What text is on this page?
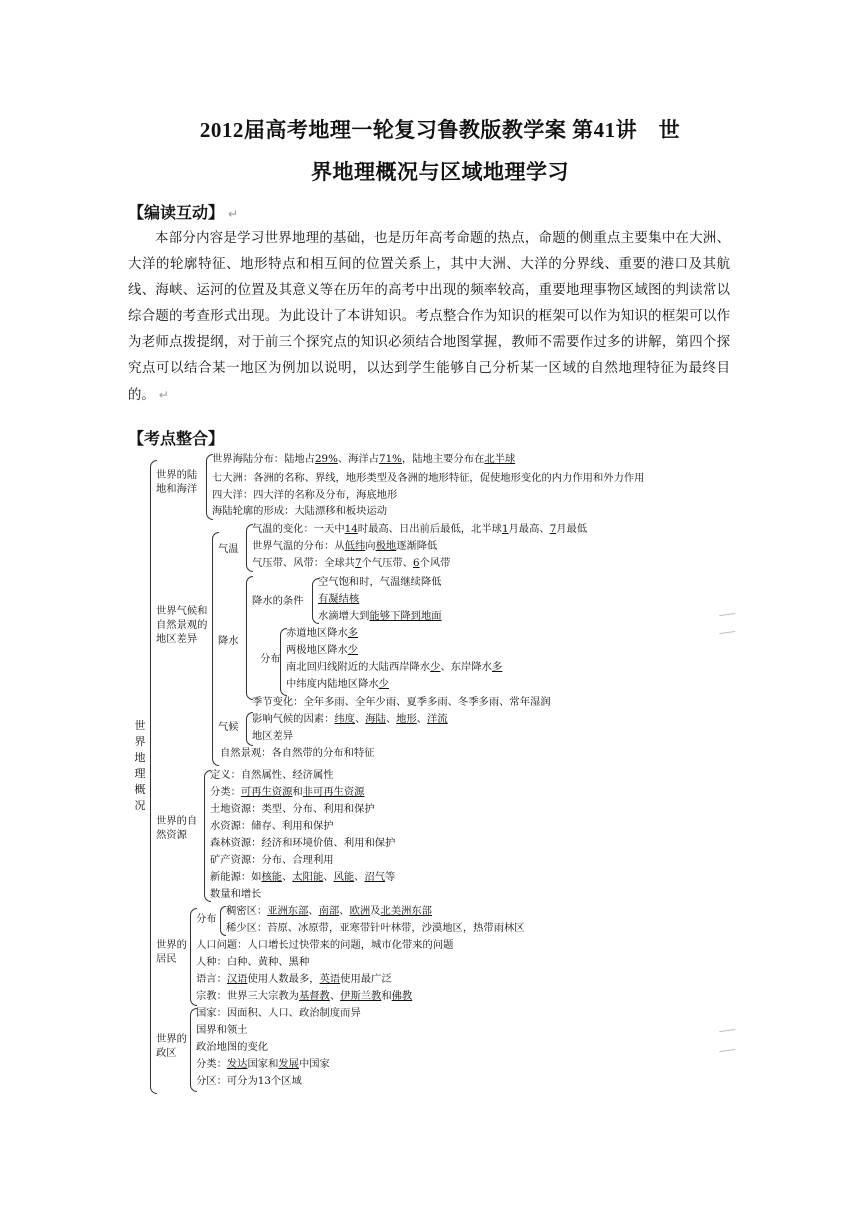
2012届高考地理一轮复习鲁教版教学案 第41讲　世
界地理概况与区域地理学习
【编读互动】 ↵
本部分内容是学习世界地理的基础，也是历年高考命题的热点，命题的侧重点主要集中在大洲、大洋的轮廓特征、地形特点和相互间的位置关系上，其中大洲、大洋的分界线、重要的港口及其航线、海峡、运河的位置及其意义等在历年的高考中出现的频率较高，重要地理事物区域图的判读常以综合题的考查形式出现。为此设计了本讲知识。考点整合作为知识的框架可以作为知识的框架可以作为老师点拨提纲，对于前三个探究点的知识必须结合地图掌握，教师不需要作过多的讲解，第四个探究点可以结合某一地区为例加以说明，以达到学生能够自己分析某一区域的自然地理特征为最终目的。 ↵
【考点整合】
世界地理概况
世界的陆
地和海洋
世界海陆分布：陆地占29%、海洋占71%，陆地主要分布在北半球
七大洲：各洲的名称、界线，地形类型及各洲的地形特征，促使地形变化的内力作用和外力作用
四大洋：四大洋的名称及分布，海底地形
海陆轮廓的形成：大陆漂移和板块运动
世界气候和
自然景观的
地区差异
气温
气温的变化：一天中14时最高、日出前后最低，北半球1月最高、7月最低
世界气温的分布：从低纬向极地逐渐降低
气压带、风带：全球共7个气压带、6个风带
降水
降水的条件
空气饱和时，气温继续降低
有凝结核
水滴增大到能够下降到地面
分布
赤道地区降水多
两极地区降水少
南北回归线附近的大陆西岸降水少、东岸降水多
中纬度内陆地区降水少
季节变化：全年多雨、全年少雨、夏季多雨、冬季多雨、常年湿润
气候
影响气候的因素：纬度、海陆、地形、洋流
地区差异
自然景观：各自然带的分布和特征
世界的自
然资源
定义：自然属性、经济属性
分类：可再生资源和非可再生资源
土地资源：类型、分布、利用和保护
水资源：储存、利用和保护
森林资源：经济和环境价值、利用和保护
矿产资源：分布、合理利用
新能源：如核能、太阳能、风能、沼气等
数量和增长
世界的
居民
分布
稠密区：亚洲东部、南部、欧洲及北美洲东部
稀少区：苔原、冰原带，亚寒带针叶林带，沙漠地区，热带雨林区
人口问题：人口增长过快带来的问题，城市化带来的问题
人种：白种、黄种、黑种
语言：汉语使用人数最多，英语使用最广泛
宗教：世界三大宗教为基督教、伊斯兰教和佛教
世界的
政区
国家：因面积、人口、政治制度而异
国界和领土
政治地图的变化
分类：发达国家和发展中国家
分区：可分为13个区域
